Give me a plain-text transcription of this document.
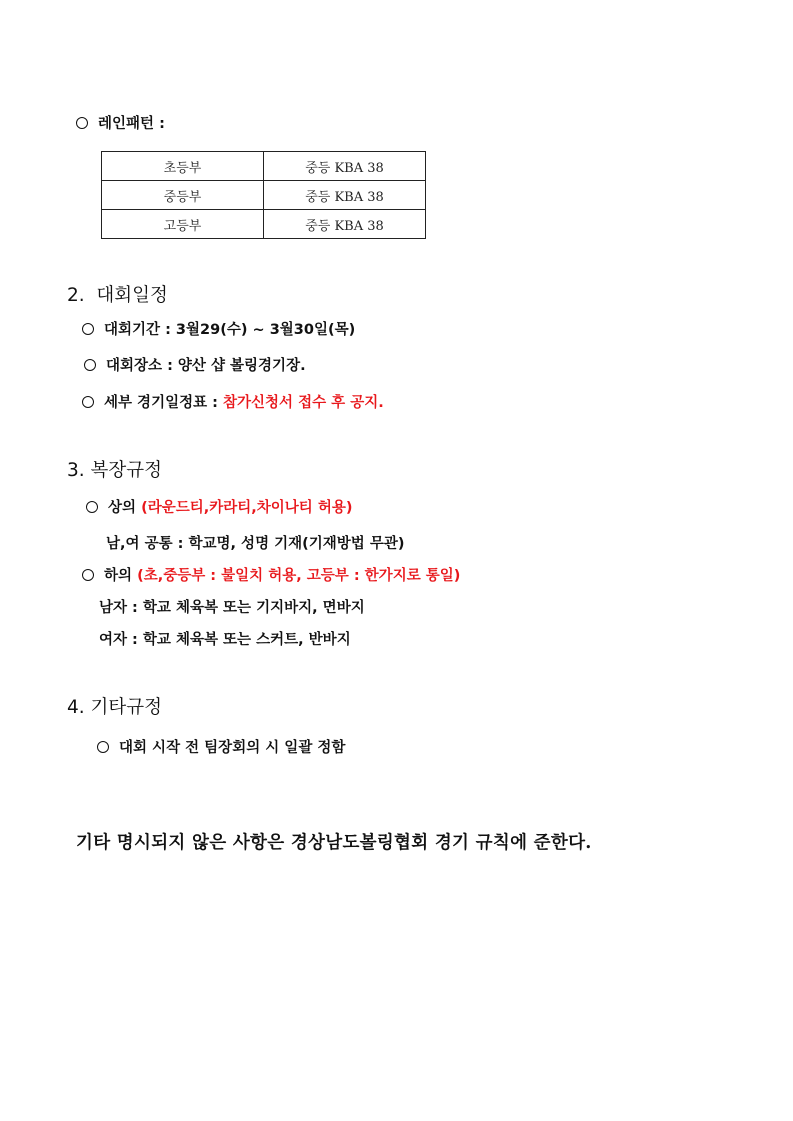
레인패턴 :
초등부	중등 KBA 38
중등부	중등 KBA 38
고등부	중등 KBA 38
2.  대회일정
대회기간 : 3월29(수) ~ 3월30일(목)
대회장소 : 양산 샵 볼링경기장.
세부 경기일정표 : 참가신청서 접수 후 공지.
3. 복장규정
상의 (라운드티,카라티,차이나티 허용)
남,여 공통 : 학교명, 성명 기재(기재방법 무관)
하의 (초,중등부 : 불일치 허용, 고등부 : 한가지로 통일)
남자 : 학교 체육복 또는 기지바지, 면바지
여자 : 학교 체육복 또는 스커트, 반바지
4. 기타규정
대회 시작 전 팀장회의 시 일괄 정함
기타 명시되지 않은 사항은 경상남도볼링협회 경기 규칙에 준한다.
